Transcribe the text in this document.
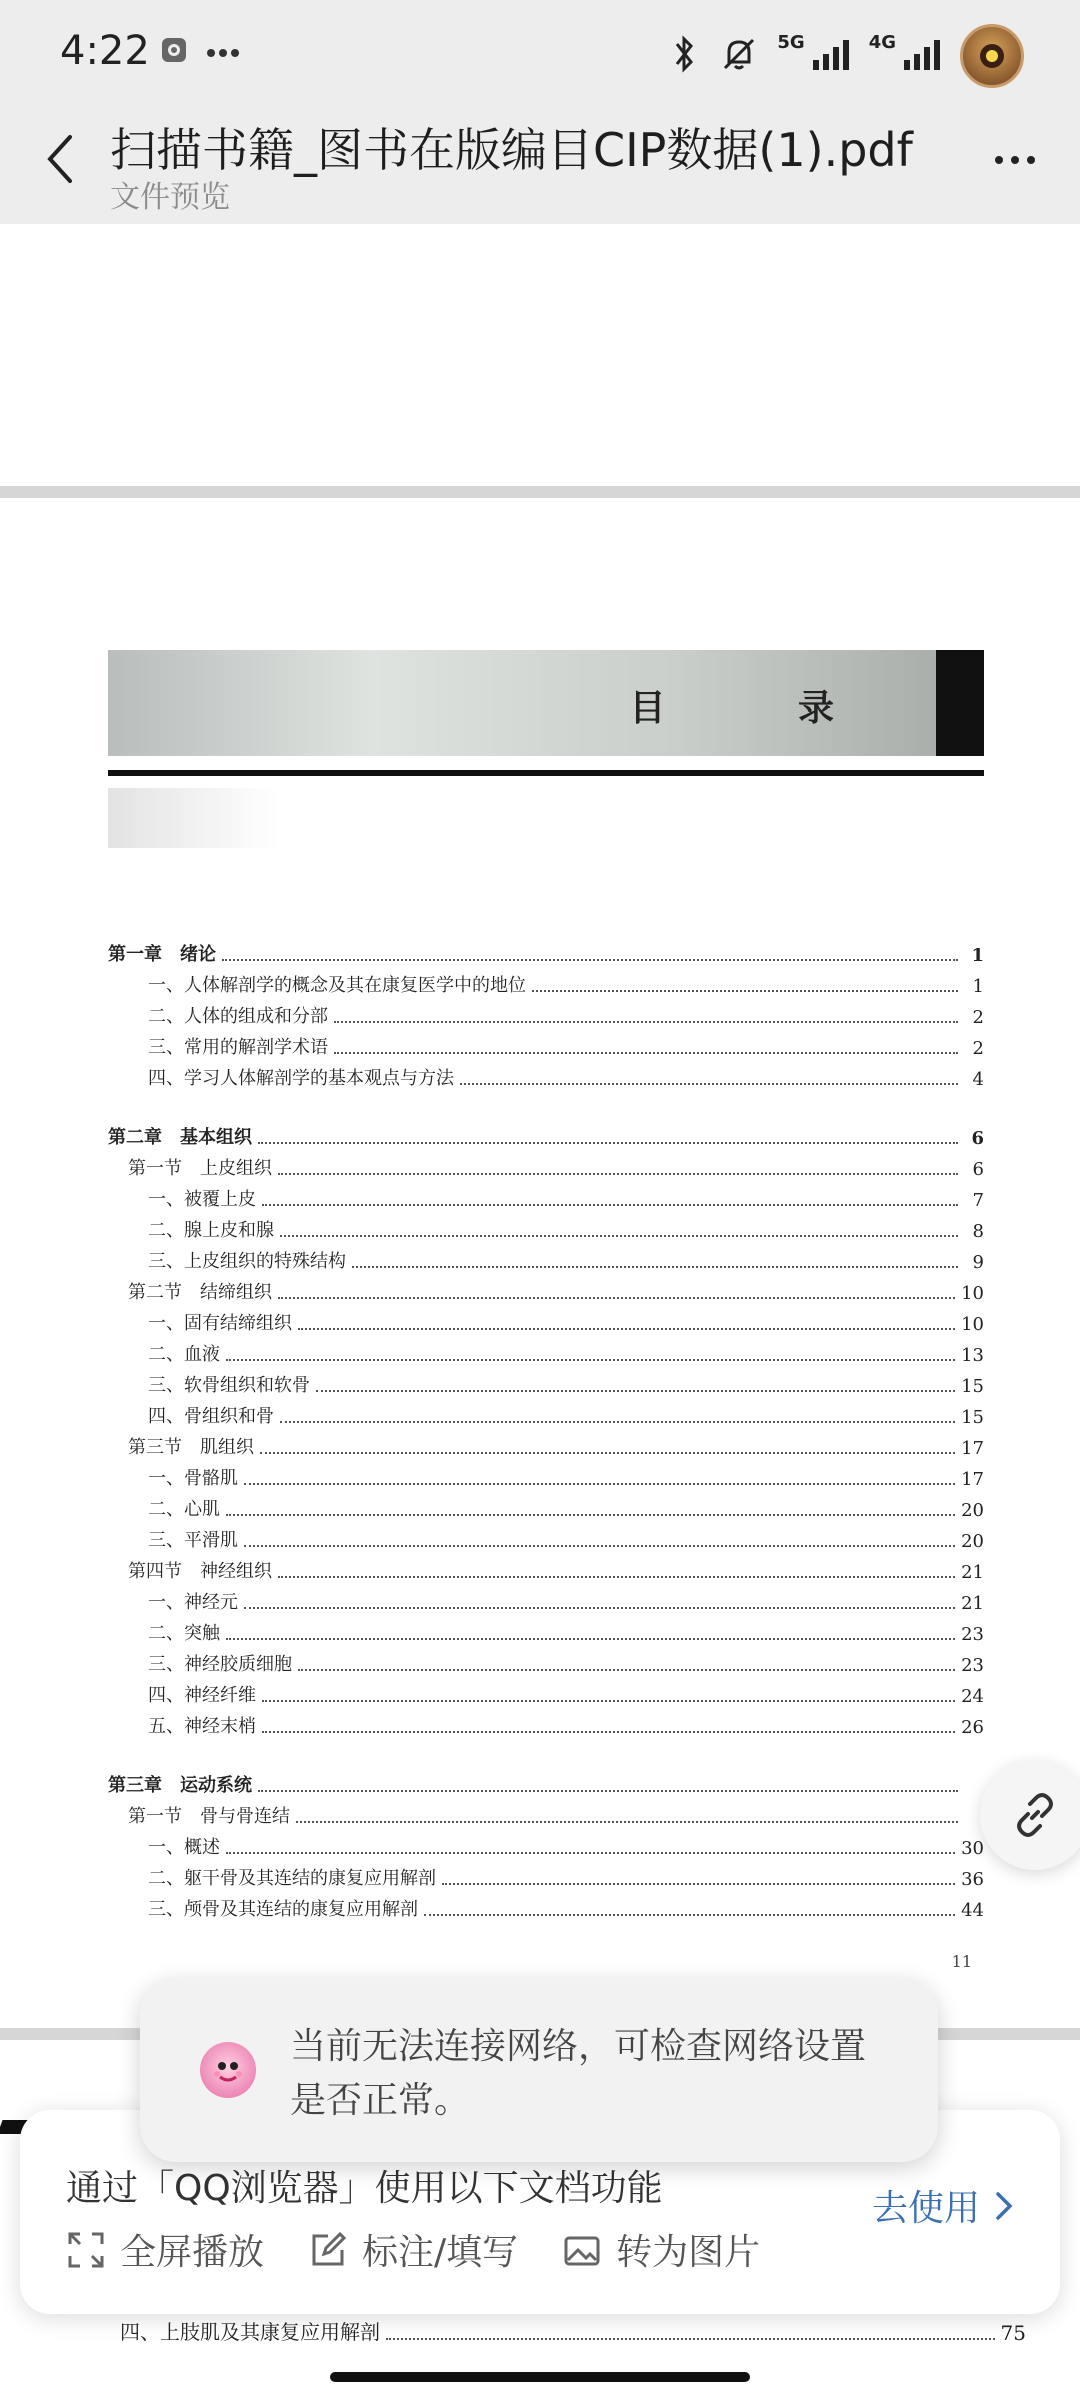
4:22	5G	4G
扫描书籍_图书在版编目CIP数据(1).pdf
文件预览
目 录
第一章　绪论	1
一、人体解剖学的概念及其在康复医学中的地位	1
二、人体的组成和分部	2
三、常用的解剖学术语	2
四、学习人体解剖学的基本观点与方法	4
第二章　基本组织	6
第一节　上皮组织	6
一、被覆上皮	7
二、腺上皮和腺	8
三、上皮组织的特殊结构	9
第二节　结缔组织	10
一、固有结缔组织	10
二、血液	13
三、软骨组织和软骨	15
四、骨组织和骨	15
第三节　肌组织	17
一、骨骼肌	17
二、心肌	20
三、平滑肌	20
第四节　神经组织	21
一、神经元	21
二、突触	23
三、神经胶质细胞	23
四、神经纤维	24
五、神经末梢	26
第三章　运动系统
第一节　骨与骨连结
一、概述	30
二、躯干骨及其连结的康复应用解剖	36
三、颅骨及其连结的康复应用解剖	44
11
四、上肢肌及其康复应用解剖	75
通过「QQ浏览器」使用以下文档功能
全屏播放	标注/填写	转为图片
去使用
当前无法连接网络，可检查网络设置是否正常。
